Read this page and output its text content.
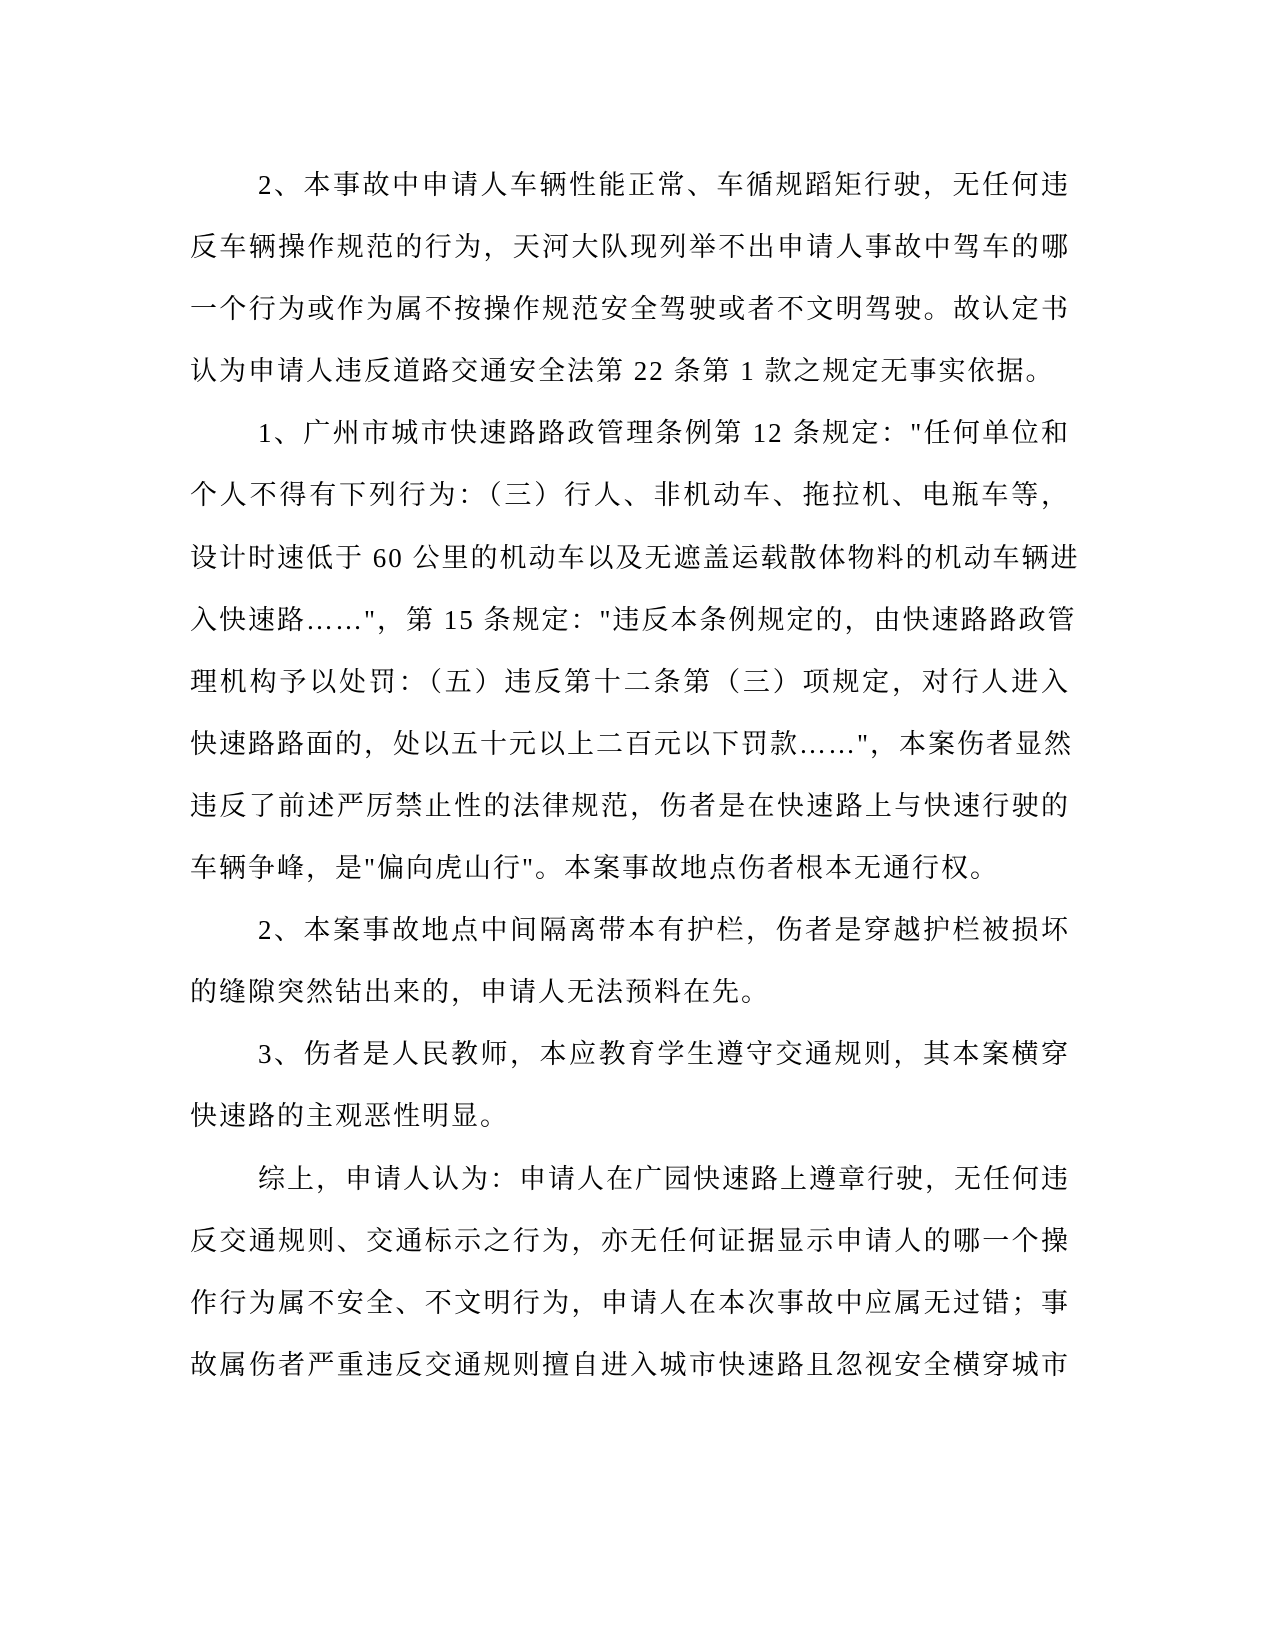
2、本事故中申请人车辆性能正常、车循规蹈矩行驶，无任何违
反车辆操作规范的行为，天河大队现列举不出申请人事故中驾车的哪
一个行为或作为属不按操作规范安全驾驶或者不文明驾驶。故认定书
认为申请人违反道路交通安全法第 22 条第 1 款之规定无事实依据。
1、广州市城市快速路路政管理条例第 12 条规定："任何单位和
个人不得有下列行为：（三）行人、非机动车、拖拉机、电瓶车等，
设计时速低于 60 公里的机动车以及无遮盖运载散体物料的机动车辆进
入快速路……"，第 15 条规定："违反本条例规定的，由快速路路政管
理机构予以处罚：（五）违反第十二条第（三）项规定，对行人进入
快速路路面的，处以五十元以上二百元以下罚款……"，本案伤者显然
违反了前述严厉禁止性的法律规范，伤者是在快速路上与快速行驶的
车辆争峰，是"偏向虎山行"。本案事故地点伤者根本无通行权。
2、本案事故地点中间隔离带本有护栏，伤者是穿越护栏被损坏
的缝隙突然钻出来的，申请人无法预料在先。
3、伤者是人民教师，本应教育学生遵守交通规则，其本案横穿
快速路的主观恶性明显。
综上，申请人认为：申请人在广园快速路上遵章行驶，无任何违
反交通规则、交通标示之行为，亦无任何证据显示申请人的哪一个操
作行为属不安全、不文明行为，申请人在本次事故中应属无过错；事
故属伤者严重违反交通规则擅自进入城市快速路且忽视安全横穿城市
